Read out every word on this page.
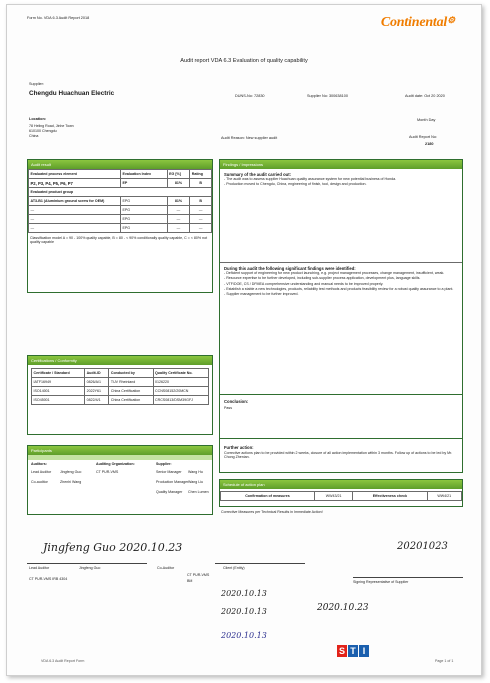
Form No. VDA 6.3 Audit Report 2018	Continental⚙
Audit report VDA 6.3 Evaluation of quality capability
Supplier:
Chengdu Huachuan Electric	DUNS-No: 72830	Supplier No: 300638100	Audit date: Oct 20 2020
Location:
78 Heling Road, Jinhe Town
610100 Chengdu
China	Audit Reason: New supplier audit
Month Day
Audit Report No:
2180
Audit result
Evaluated process element	Evaluation Index	EG [%]	Rating
P2, P3, P4, P5, P6, P7	EP	81%	B
Evaluated product group			
AT3-B1 (Aluminium ground screw for OEM)	EPG	81%	B
—	EPG	—	—
—	EPG	—	—
—	EPG	—	—
Classification model A = 90 - 100% quality capable, B = 80 - < 90% conditionally quality capable, C = < 80% not quality capable
Findings / Impressions

Summary of the audit carried out:

- The audit was to assess supplier Huachuan quality assurance system for new potential business of Honda.

- Production moved to Chengdu, China, engineering of finish, tool, design and production.

During this audit the following significant findings were identified:

- Deficient support of engineering for new product launching, e.g. project management processes, change management, insufficient, weak.

- Resource expertise to be further developed, including sub-supplier process application, development plus, language skills.

- VTF/DOE, CS / DFMEA comprehensive understanding and manual needs to be improved properly.

- Establish a stable a new technologies, products, reliability test methods and products feasibility review for a robust quality assurance to a plant.

- Supplier management to be further improved.

Certifications / Conformity
Certificate / Standard	Audit-ID	Conducted by	Quality Certificate No.
IATF16949	0826/A/1	TUV Rheinland	0126220
ISO14001	2022Y61	China Certification	CCNS08152/20MCN
ISO45001	0822/4/1	China Certification	CRCS0813/DSM39GFJ	Conclusion:
Pass
Further action:
Corrective actions plan to be provided within 2 weeks, closure of all action implementation within 3 months. Follow up of actions to be led by Mr. Chong Zhenian.
Participants
Auditors:
Lead Auditor Jingfeng Guo
Co-auditor	Zhenhi Wang
Auditing Organization:
CT PUR-VMS
Supplier:
Senior Manager Wang Hu
Production Manager Wang Liu
Quality Manager Chen Lumen
Schedule of action plan
Confirmation of measures	WW43/21	Effectiveness check	WW4/21
Corrective Measures per Technical Results in Immediate Action!
Jingfeng Guo 2020.10.23
Lead Auditor	Jingfeng Guo
CT PUR-VMS IRB 4304
Co-Auditor
CT PUR-VMS
BM
Client (Entity)
Signing Representative of Supplier
20201023
2020.10.13
2020.10.13
2020.10.13
2020.10.23
S T I
VDA 6.3 Audit Report Form	Page 1 of 1
